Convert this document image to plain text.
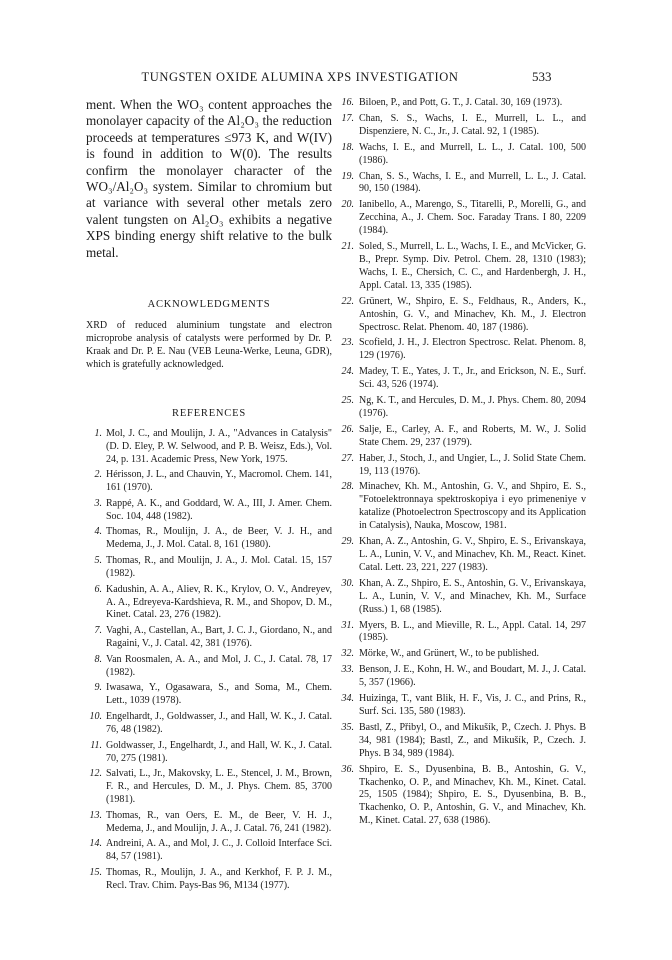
TUNGSTEN OXIDE ALUMINA XPS INVESTIGATION	533

ment. When the WO₃ content approaches the monolayer capacity of the Al₂O₃ the reduction proceeds at temperatures ≤973 K, and W(IV) is found in addition to W(0). The results confirm the monolayer character of the WO₃/Al₂O₃ system. Similar to chromium but at variance with several other metals zero valent tungsten on Al₂O₃ exhibits a negative XPS binding energy shift relative to the bulk metal.

ACKNOWLEDGMENTS

XRD of reduced aluminium tungstate and electron microprobe analysis of catalysts were performed by Dr. P. Kraak and Dr. P. E. Nau (VEB Leuna-Werke, Leuna, GDR), which is gratefully acknowledged.

REFERENCES
1. Mol, J. C., and Moulijn, J. A., "Advances in Catalysis" (D. D. Eley, P. W. Selwood, and P. B. Weisz, Eds.), Vol. 24, p. 131. Academic Press, New York, 1975.
2. Hérisson, J. L., and Chauvin, Y., Macromol. Chem. 141, 161 (1970).
3. Rappé, A. K., and Goddard, W. A., III, J. Amer. Chem. Soc. 104, 448 (1982).
4. Thomas, R., Moulijn, J. A., de Beer, V. J. H., and Medema, J., J. Mol. Catal. 8, 161 (1980).
5. Thomas, R., and Moulijn, J. A., J. Mol. Catal. 15, 157 (1982).
6. Kadushin, A. A., Aliev, R. K., Krylov, O. V., Andreyev, A. A., Edreyeva-Kardshieva, R. M., and Shopov, D. M., Kinet. Catal. 23, 276 (1982).
7. Vaghi, A., Castellan, A., Bart, J. C. J., Giordano, N., and Ragaini, V., J. Catal. 42, 381 (1976).
8. Van Roosmalen, A. A., and Mol, J. C., J. Catal. 78, 17 (1982).
9. Iwasawa, Y., Ogasawara, S., and Soma, M., Chem. Lett., 1039 (1978).
10. Engelhardt, J., Goldwasser, J., and Hall, W. K., J. Catal. 76, 48 (1982).
11. Goldwasser, J., Engelhardt, J., and Hall, W. K., J. Catal. 70, 275 (1981).
12. Salvati, L., Jr., Makovsky, L. E., Stencel, J. M., Brown, F. R., and Hercules, D. M., J. Phys. Chem. 85, 3700 (1981).
13. Thomas, R., van Oers, E. M., de Beer, V. H. J., Medema, J., and Moulijn, J. A., J. Catal. 76, 241 (1982).
14. Andreini, A. A., and Mol, J. C., J. Colloid Interface Sci. 84, 57 (1981).
15. Thomas, R., Moulijn, J. A., and Kerkhof, F. P. J. M., Recl. Trav. Chim. Pays-Bas 96, M134 (1977).
16. Biloen, P., and Pott, G. T., J. Catal. 30, 169 (1973).
17. Chan, S. S., Wachs, I. E., Murrell, L. L., and Dispenziere, N. C., Jr., J. Catal. 92, 1 (1985).
18. Wachs, I. E., and Murrell, L. L., J. Catal. 100, 500 (1986).
19. Chan, S. S., Wachs, I. E., and Murrell, L. L., J. Catal. 90, 150 (1984).
20. Ianibello, A., Marengo, S., Titarelli, P., Morelli, G., and Zecchina, A., J. Chem. Soc. Faraday Trans. I 80, 2209 (1984).
21. Soled, S., Murrell, L. L., Wachs, I. E., and McVicker, G. B., Prepr. Symp. Div. Petrol. Chem. 28, 1310 (1983); Wachs, I. E., Chersich, C. C., and Hardenbergh, J. H., Appl. Catal. 13, 335 (1985).
22. Grünert, W., Shpiro, E. S., Feldhaus, R., Anders, K., Antoshin, G. V., and Minachev, Kh. M., J. Electron Spectrosc. Relat. Phenom. 40, 187 (1986).
23. Scofield, J. H., J. Electron Spectrosc. Relat. Phenom. 8, 129 (1976).
24. Madey, T. E., Yates, J. T., Jr., and Erickson, N. E., Surf. Sci. 43, 526 (1974).
25. Ng, K. T., and Hercules, D. M., J. Phys. Chem. 80, 2094 (1976).
26. Salje, E., Carley, A. F., and Roberts, M. W., J. Solid State Chem. 29, 237 (1979).
27. Haber, J., Stoch, J., and Ungier, L., J. Solid State Chem. 19, 113 (1976).
28. Minachev, Kh. M., Antoshin, G. V., and Shpiro, E. S., "Fotoelektronnaya spektroskopiya i eyo primeneniye v katalize (Photoelectron Spectroscopy and its Application in Catalysis), Nauka, Moscow, 1981.
29. Khan, A. Z., Antoshin, G. V., Shpiro, E. S., Erivanskaya, L. A., Lunin, V. V., and Minachev, Kh. M., React. Kinet. Catal. Lett. 23, 221, 227 (1983).
30. Khan, A. Z., Shpiro, E. S., Antoshin, G. V., Erivanskaya, L. A., Lunin, V. V., and Minachev, Kh. M., Surface (Russ.) 1, 68 (1985).
31. Myers, B. L., and Mieville, R. L., Appl. Catal. 14, 297 (1985).
32. Mörke, W., and Grünert, W., to be published.
33. Benson, J. E., Kohn, H. W., and Boudart, M. J., J. Catal. 5, 357 (1966).
34. Huizinga, T., vant Blik, H. F., Vis, J. C., and Prins, R., Surf. Sci. 135, 580 (1983).
35. Bastl, Z., Přibyl, O., and Mikušík, P., Czech. J. Phys. B 34, 981 (1984); Bastl, Z., and Mikušík, P., Czech. J. Phys. B 34, 989 (1984).
36. Shpiro, E. S., Dyusenbina, B. B., Antoshin, G. V., Tkachenko, O. P., and Minachev, Kh. M., Kinet. Catal. 25, 1505 (1984); Shpiro, E. S., Dyusenbina, B. B., Tkachenko, O. P., Antoshin, G. V., and Minachev, Kh. M., Kinet. Catal. 27, 638 (1986).
